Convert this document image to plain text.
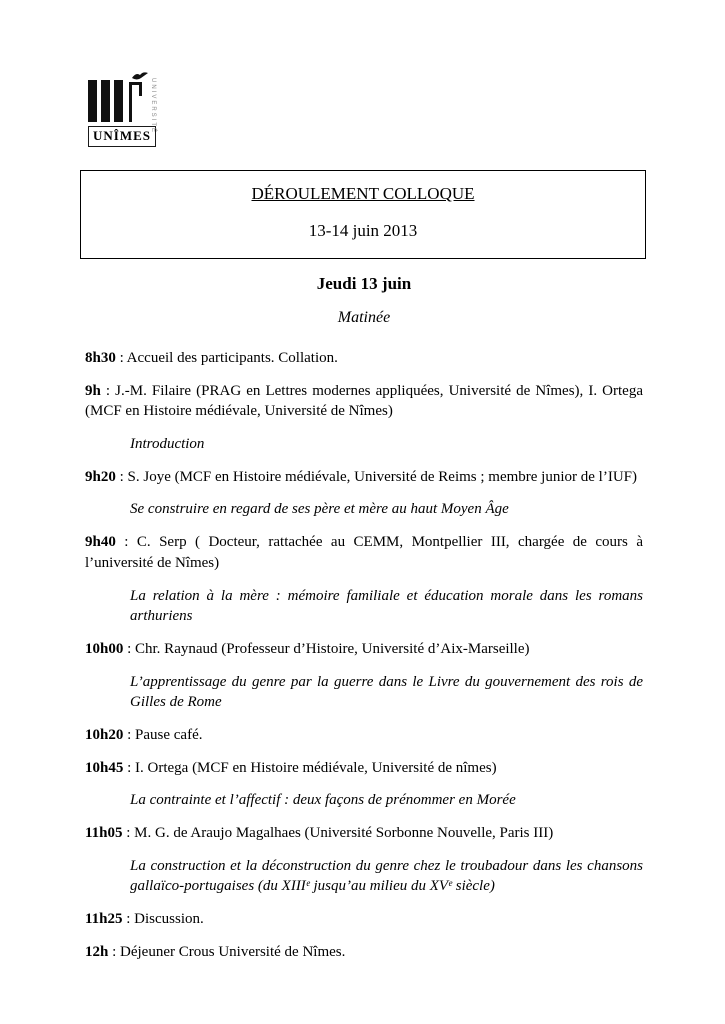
UNÎMES
UNIVERSITÉ
DÉROULEMENT COLLOQUE
13-14 juin 2013
Jeudi 13 juin
Matinée

8h30 : Accueil des participants. Collation.

9h : J.-M. Filaire (PRAG en Lettres modernes appliquées, Université de Nîmes), I. Ortega (MCF en Histoire médiévale, Université de Nîmes)

Introduction

9h20 : S. Joye (MCF en Histoire médiévale, Université de Reims ; membre junior de l’IUF)

Se construire en regard de ses père et mère au haut Moyen Âge

9h40 : C. Serp ( Docteur, rattachée au CEMM, Montpellier III, chargée de cours à l’université de Nîmes)

La relation à la mère : mémoire familiale et éducation morale dans les romans arthuriens

10h00 : Chr. Raynaud (Professeur d’Histoire, Université d’Aix-Marseille)

L’apprentissage du genre par la guerre dans le Livre du gouvernement des rois de Gilles de Rome

10h20 : Pause café.

10h45 : I. Ortega (MCF en Histoire médiévale, Université de nîmes)

La contrainte et l’affectif : deux façons de prénommer en Morée

11h05 : M. G. de Araujo Magalhaes (Université Sorbonne Nouvelle, Paris III)

La construction et la déconstruction du genre chez le troubadour dans les chansons gallaïco-portugaises (du XIIIᵉ jusqu’au milieu du XVᵉ siècle)

11h25 : Discussion.

12h : Déjeuner Crous Université de Nîmes.
